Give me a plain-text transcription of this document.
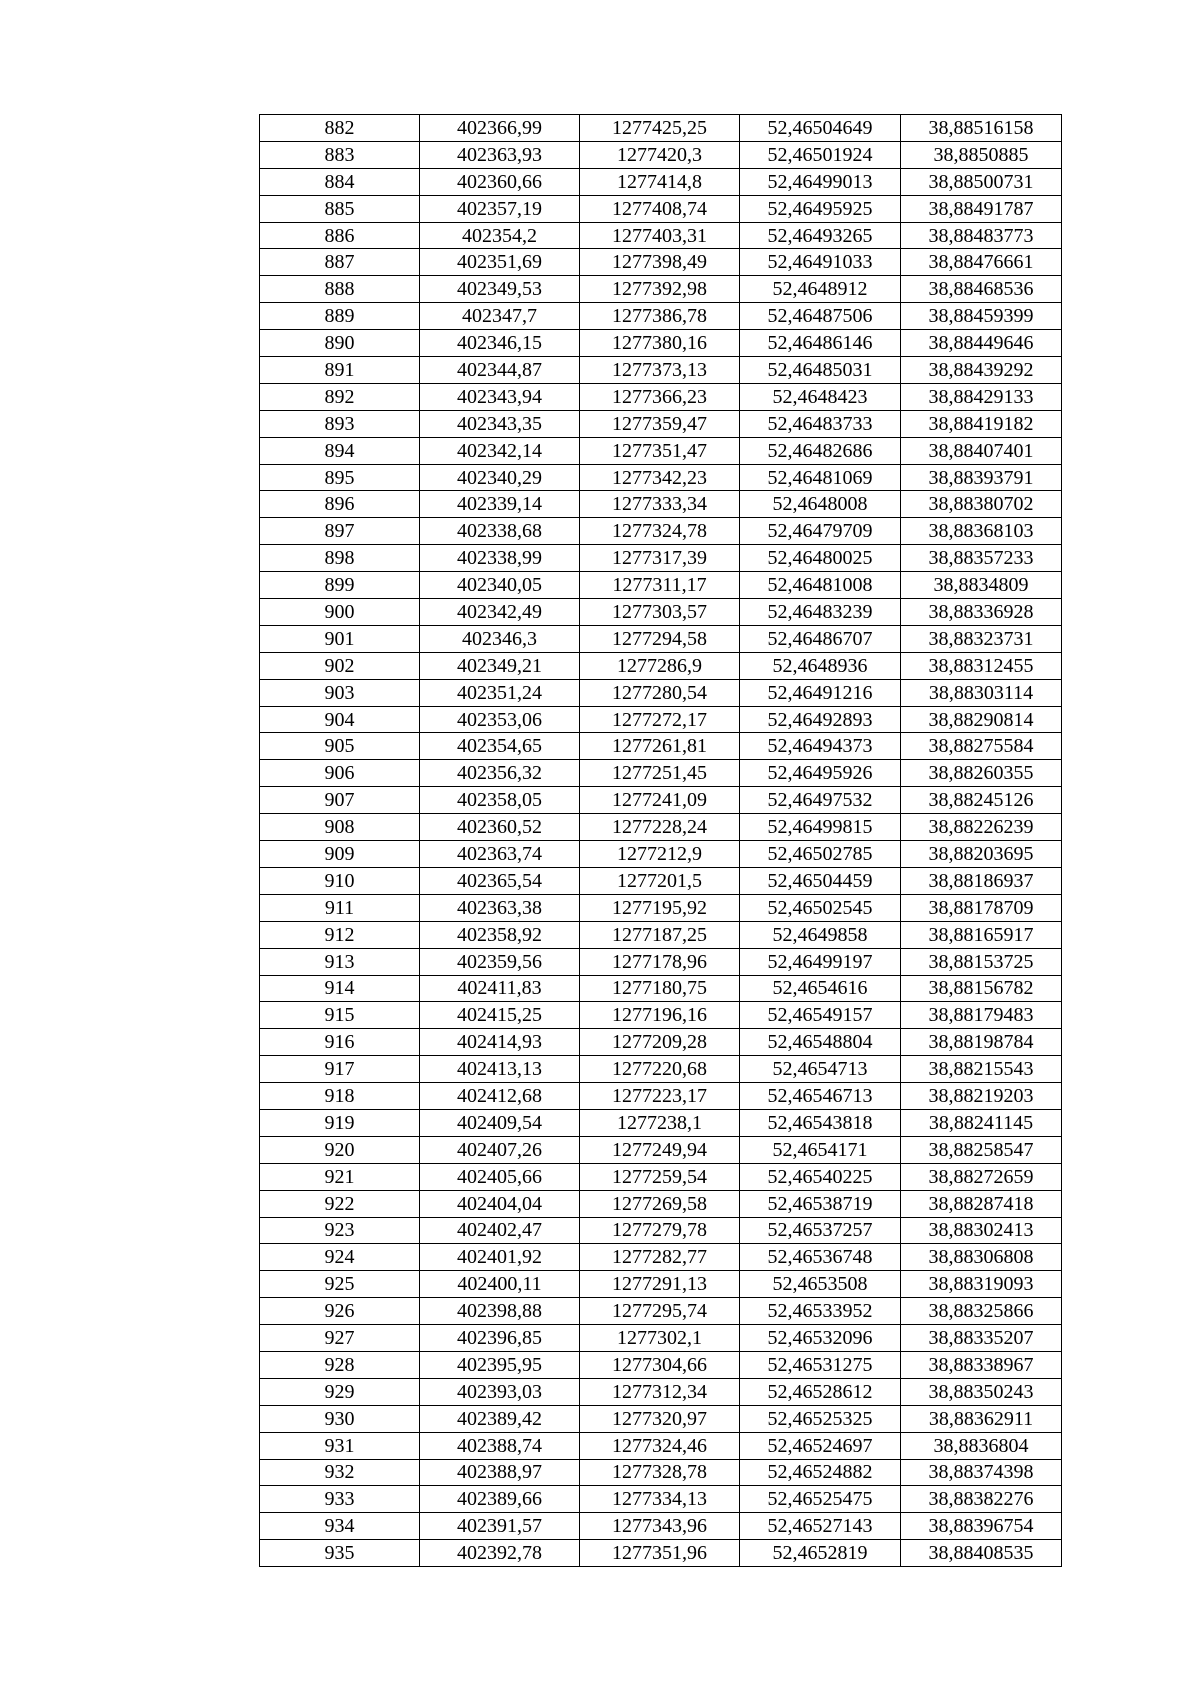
882	402366,99	1277425,25	52,46504649	38,88516158
883	402363,93	1277420,3	52,46501924	38,8850885
884	402360,66	1277414,8	52,46499013	38,88500731
885	402357,19	1277408,74	52,46495925	38,88491787
886	402354,2	1277403,31	52,46493265	38,88483773
887	402351,69	1277398,49	52,46491033	38,88476661
888	402349,53	1277392,98	52,4648912	38,88468536
889	402347,7	1277386,78	52,46487506	38,88459399
890	402346,15	1277380,16	52,46486146	38,88449646
891	402344,87	1277373,13	52,46485031	38,88439292
892	402343,94	1277366,23	52,4648423	38,88429133
893	402343,35	1277359,47	52,46483733	38,88419182
894	402342,14	1277351,47	52,46482686	38,88407401
895	402340,29	1277342,23	52,46481069	38,88393791
896	402339,14	1277333,34	52,4648008	38,88380702
897	402338,68	1277324,78	52,46479709	38,88368103
898	402338,99	1277317,39	52,46480025	38,88357233
899	402340,05	1277311,17	52,46481008	38,8834809
900	402342,49	1277303,57	52,46483239	38,88336928
901	402346,3	1277294,58	52,46486707	38,88323731
902	402349,21	1277286,9	52,4648936	38,88312455
903	402351,24	1277280,54	52,46491216	38,88303114
904	402353,06	1277272,17	52,46492893	38,88290814
905	402354,65	1277261,81	52,46494373	38,88275584
906	402356,32	1277251,45	52,46495926	38,88260355
907	402358,05	1277241,09	52,46497532	38,88245126
908	402360,52	1277228,24	52,46499815	38,88226239
909	402363,74	1277212,9	52,46502785	38,88203695
910	402365,54	1277201,5	52,46504459	38,88186937
911	402363,38	1277195,92	52,46502545	38,88178709
912	402358,92	1277187,25	52,4649858	38,88165917
913	402359,56	1277178,96	52,46499197	38,88153725
914	402411,83	1277180,75	52,4654616	38,88156782
915	402415,25	1277196,16	52,46549157	38,88179483
916	402414,93	1277209,28	52,46548804	38,88198784
917	402413,13	1277220,68	52,4654713	38,88215543
918	402412,68	1277223,17	52,46546713	38,88219203
919	402409,54	1277238,1	52,46543818	38,88241145
920	402407,26	1277249,94	52,4654171	38,88258547
921	402405,66	1277259,54	52,46540225	38,88272659
922	402404,04	1277269,58	52,46538719	38,88287418
923	402402,47	1277279,78	52,46537257	38,88302413
924	402401,92	1277282,77	52,46536748	38,88306808
925	402400,11	1277291,13	52,4653508	38,88319093
926	402398,88	1277295,74	52,46533952	38,88325866
927	402396,85	1277302,1	52,46532096	38,88335207
928	402395,95	1277304,66	52,46531275	38,88338967
929	402393,03	1277312,34	52,46528612	38,88350243
930	402389,42	1277320,97	52,46525325	38,88362911
931	402388,74	1277324,46	52,46524697	38,8836804
932	402388,97	1277328,78	52,46524882	38,88374398
933	402389,66	1277334,13	52,46525475	38,88382276
934	402391,57	1277343,96	52,46527143	38,88396754
935	402392,78	1277351,96	52,4652819	38,88408535
